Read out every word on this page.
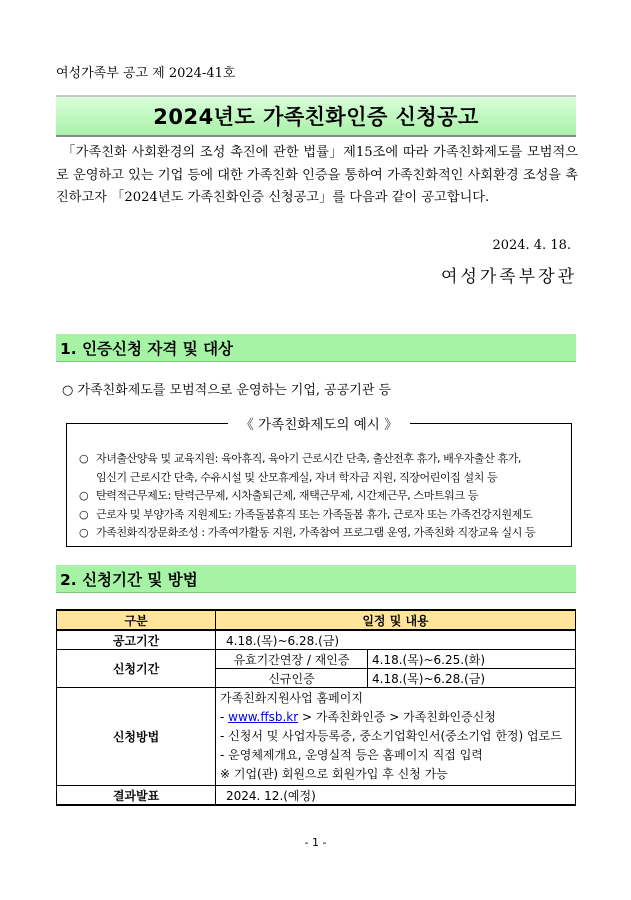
여성가족부 공고 제 2024-41호
2024년도 가족친화인증 신청공고
「가족친화 사회환경의 조성 촉진에 관한 법률」제15조에 따라 가족친화제도를 모범적으로 운영하고 있는 기업 등에 대한 가족친화 인증을 통하여 가족친화적인 사회환경 조성을 촉진하고자 「2024년도 가족친화인증 신청공고」를 다음과 같이 공고합니다.
2024. 4. 18.
여성가족부장관
1. 인증신청 자격 및 대상
○ 가족친화제도를 모범적으로 운영하는 기업, 공공기관 등
《 가족친화제도의 예시 》
○ 자녀출산양육 및 교육지원: 육아휴직, 육아기 근로시간 단축, 출산전후 휴가, 배우자출산 휴가,
임신기 근로시간 단축, 수유시설 및 산모휴게실, 자녀 학자금 지원, 직장어린이집 설치 등
○ 탄력적근무제도: 탄력근무제, 시차출퇴근제, 재택근무제, 시간제근무, 스마트워크 등
○ 근로자 및 부양가족 지원제도: 가족돌봄휴직 또는 가족돌봄 휴가, 근로자 또는 가족건강지원제도
○ 가족친화직장문화조성 : 가족여가활동 지원, 가족참여 프로그램 운영, 가족친화 직장교육 실시 등
2. 신청기간 및 방법
구분	일정 및 내용	
공고기간	4.18.(목)~6.28.(금)	
신청기간	유효기간연장 / 재인증	4.18.(목)~6.25.(화)
	신규인증	4.18.(목)~6.28.(금)
신청방법	가족친화지원사업 홈페이지
- www.ffsb.kr > 가족친화인증 > 가족친화인증신청
- 신청서 및 사업자등록증, 중소기업확인서(중소기업 한정) 업로드
- 운영체제개요, 운영실적 등은 홈페이지 직접 입력
※ 기업(관) 회원으로 회원가입 후 신청 가능	

결과발표	2024. 12.(예정)	
- 1 -
